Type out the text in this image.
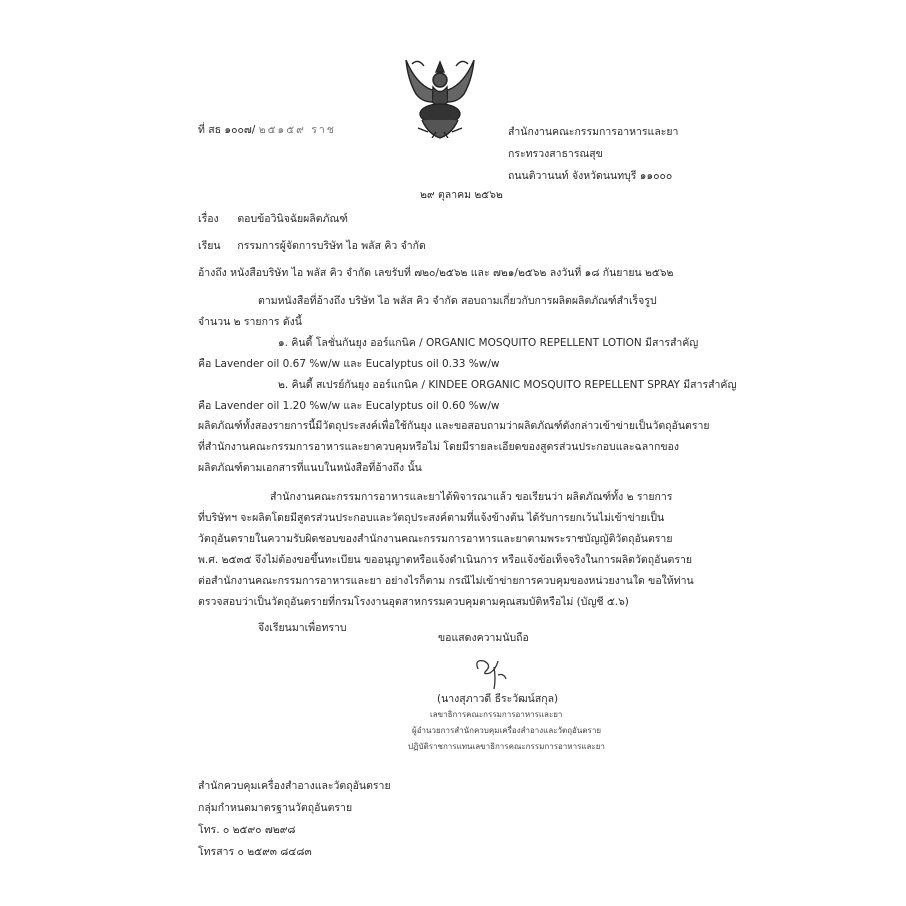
ที่ สธ ๑๐๐๗/ ๒๕๑๕๙ ราช	สำนักงานคณะกรรมการอาหารและยา
กระทรวงสาธารณสุข
ถนนติวานนท์ จังหวัดนนทบุรี ๑๑๐๐๐
๒๙ ตุลาคม ๒๕๖๒
เรื่อง ตอบข้อวินิจฉัยผลิตภัณฑ์
เรียน กรรมการผู้จัดการบริษัท ไอ พลัส คิว จำกัด
อ้างถึง หนังสือบริษัท ไอ พลัส คิว จำกัด เลขรับที่ ๗๒๐/๒๕๖๒ และ ๗๒๑/๒๕๖๒ ลงวันที่ ๑๘ กันยายน ๒๕๖๒
ตามหนังสือที่อ้างถึง บริษัท ไอ พลัส คิว จำกัด สอบถามเกี่ยวกับการผลิตผลิตภัณฑ์สำเร็จรูป
จำนวน ๒ รายการ ดังนี้
๑. คินดี้ โลชั่นกันยุง ออร์แกนิค / ORGANIC MOSQUITO REPELLENT LOTION มีสารสำคัญ
คือ Lavender oil 0.67 %w/w และ Eucalyptus oil 0.33 %w/w
๒. คินดี้ สเปรย์กันยุง ออร์แกนิค / KINDEE ORGANIC MOSQUITO REPELLENT SPRAY มีสารสำคัญ
คือ Lavender oil 1.20 %w/w และ Eucalyptus oil 0.60 %w/w
ผลิตภัณฑ์ทั้งสองรายการนี้มีวัตถุประสงค์เพื่อใช้กันยุง และขอสอบถามว่าผลิตภัณฑ์ดังกล่าวเข้าข่ายเป็นวัตถุอันตราย
ที่สำนักงานคณะกรรมการอาหารและยาควบคุมหรือไม่ โดยมีรายละเอียดของสูตรส่วนประกอบและฉลากของ
ผลิตภัณฑ์ตามเอกสารที่แนบในหนังสือที่อ้างถึง นั้น
สำนักงานคณะกรรมการอาหารและยาได้พิจารณาแล้ว ขอเรียนว่า ผลิตภัณฑ์ทั้ง ๒ รายการ
ที่บริษัทฯ จะผลิตโดยมีสูตรส่วนประกอบและวัตถุประสงค์ตามที่แจ้งข้างต้น ได้รับการยกเว้นไม่เข้าข่ายเป็น
วัตถุอันตรายในความรับผิดชอบของสำนักงานคณะกรรมการอาหารและยาตามพระราชบัญญัติวัตถุอันตราย
พ.ศ. ๒๕๓๕ จึงไม่ต้องขอขึ้นทะเบียน ขออนุญาตหรือแจ้งดำเนินการ หรือแจ้งข้อเท็จจริงในการผลิตวัตถุอันตราย
ต่อสำนักงานคณะกรรมการอาหารและยา อย่างไรก็ตาม กรณีไม่เข้าข่ายการควบคุมของหน่วยงานใด ขอให้ท่าน
ตรวจสอบว่าเป็นวัตถุอันตรายที่กรมโรงงานอุตสาหกรรมควบคุมตามคุณสมบัติหรือไม่ (บัญชี ๕.๖)
จึงเรียนมาเพื่อทราบ
ขอแสดงความนับถือ
(นางสุภาวดี ธีระวัฒน์สกุล)
เลขาธิการคณะกรรมการอาหารและยา
ผู้อำนวยการสำนักควบคุมเครื่องสำอางและวัตถุอันตราย
ปฏิบัติราชการแทนเลขาธิการคณะกรรมการอาหารและยา
สำนักควบคุมเครื่องสำอางและวัตถุอันตราย
กลุ่มกำหนดมาตรฐานวัตถุอันตราย
โทร. ๐ ๒๕๙๐ ๗๒๙๘
โทรสาร ๐ ๒๕๙๓ ๘๔๘๓
